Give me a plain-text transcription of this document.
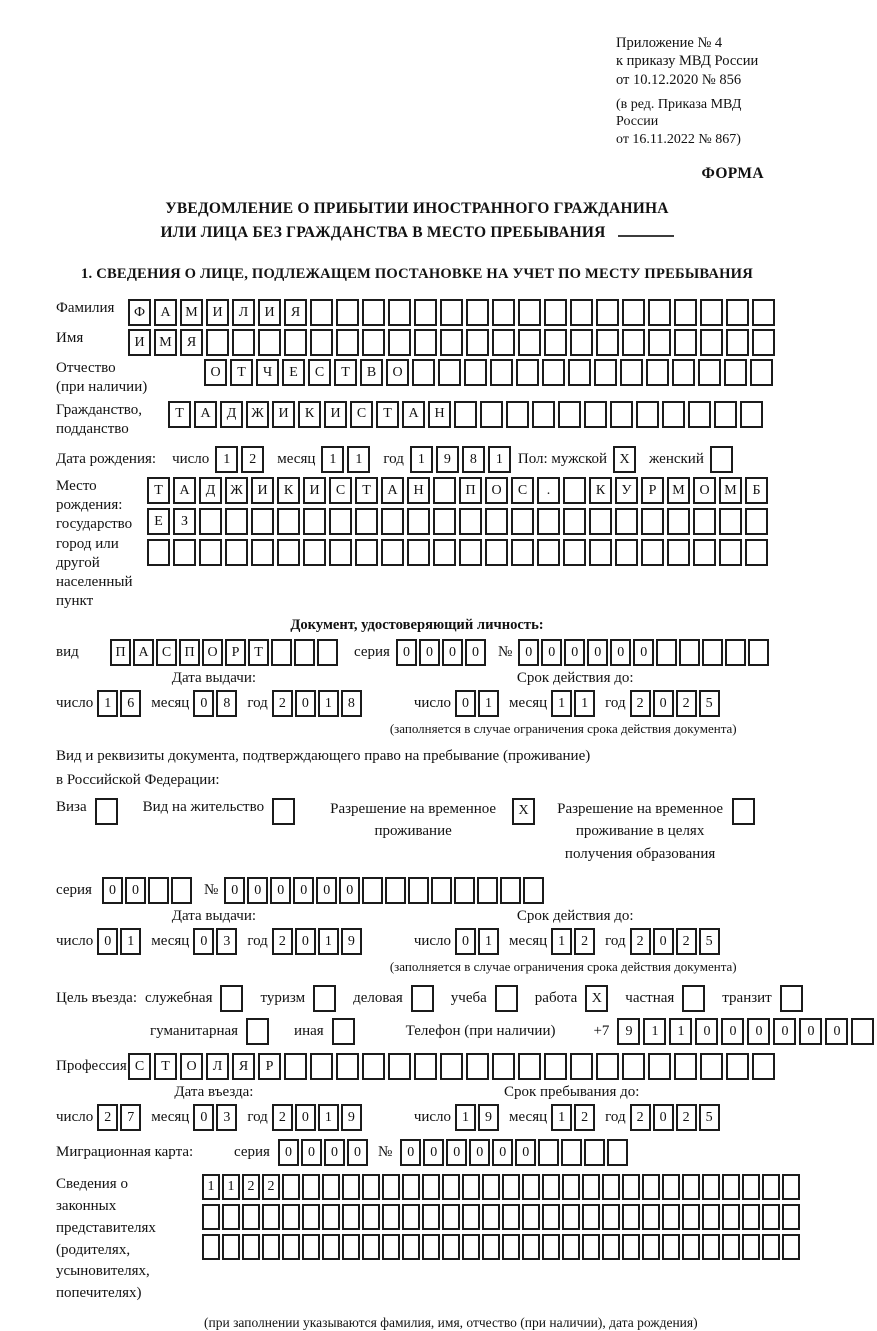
Приложение № 4
к приказу МВД России
от 10.12.2020 № 856
(в ред. Приказа МВД России
от 16.11.2022 № 867)
ФОРМА
УВЕДОМЛЕНИЕ О ПРИБЫТИИ ИНОСТРАННОГО ГРАЖДАНИНА
ИЛИ ЛИЦА БЕЗ ГРАЖДАНСТВА В МЕСТО ПРЕБЫВАНИЯ
1. СВЕДЕНИЯ О ЛИЦЕ, ПОДЛЕЖАЩЕМ ПОСТАНОВКЕ НА УЧЕТ ПО МЕСТУ ПРЕБЫВАНИЯ
Фамилия	Ф А М И Л И Я
Имя	И М Я
Отчество
(при наличии)
О Т Ч Е С Т В О
Гражданство,
подданство
Т А Д Ж И К И С Т А Н
Дата рождения: число	1 2	месяц	1 1	год	1 9 8 1	Пол: мужской X	женский
Место рождения:
государство
город или другой
населенный пункт
Т А Д Ж И К И С Т А Н	П О С .	К У Р М О М Б
Е З
Документ, удостоверяющий личность:
вид	П А С П О Р Т	серия 0 0 0 0	№ 0 0 0 0 0 0
Дата выдачи:
число 1 6	месяц 0 8	год 2 0 1 8
Срок действия до:
число 0 1	месяц 1 1	год 2 0 2 5
(заполняется в случае ограничения срока действия документа)
Вид и реквизиты документа, подтверждающего право на пребывание (проживание)
в Российской Федерации:
Виза	Вид на жительство	Разрешение на временное проживание
X	Разрешение на временное проживание в целях получения образования
серия	0 0	№ 0 0 0 0 0 0
Дата выдачи:
число 0 1	месяц 0 3	год 2 0 1 9
Срок действия до:
число 0 1	месяц 1 2	год 2 0 2 5
(заполняется в случае ограничения срока действия документа)
Цель въезда: служебная	туризм	деловая	учеба	работа	X	частная	транзит
гуманитарная	иная	Телефон (при наличии)	+7	9 1 1 0 0 0 0 0 0
Профессия С Т О Л Я Р
Дата въезда:
число 2 7	месяц 0 3	год 2 0 1 9
Срок пребывания до:
число 1 9	месяц 1 2	год 2 0 2 5
Миграционная карта:	серия	0 0 0 0	№	0 0 0 0 0 0
Сведения о
законных
представителях
(родителях,
усыновителях,
попечителях)
1 1 2 2
(при заполнении указываются фамилия, имя, отчество (при наличии), дата рождения)
